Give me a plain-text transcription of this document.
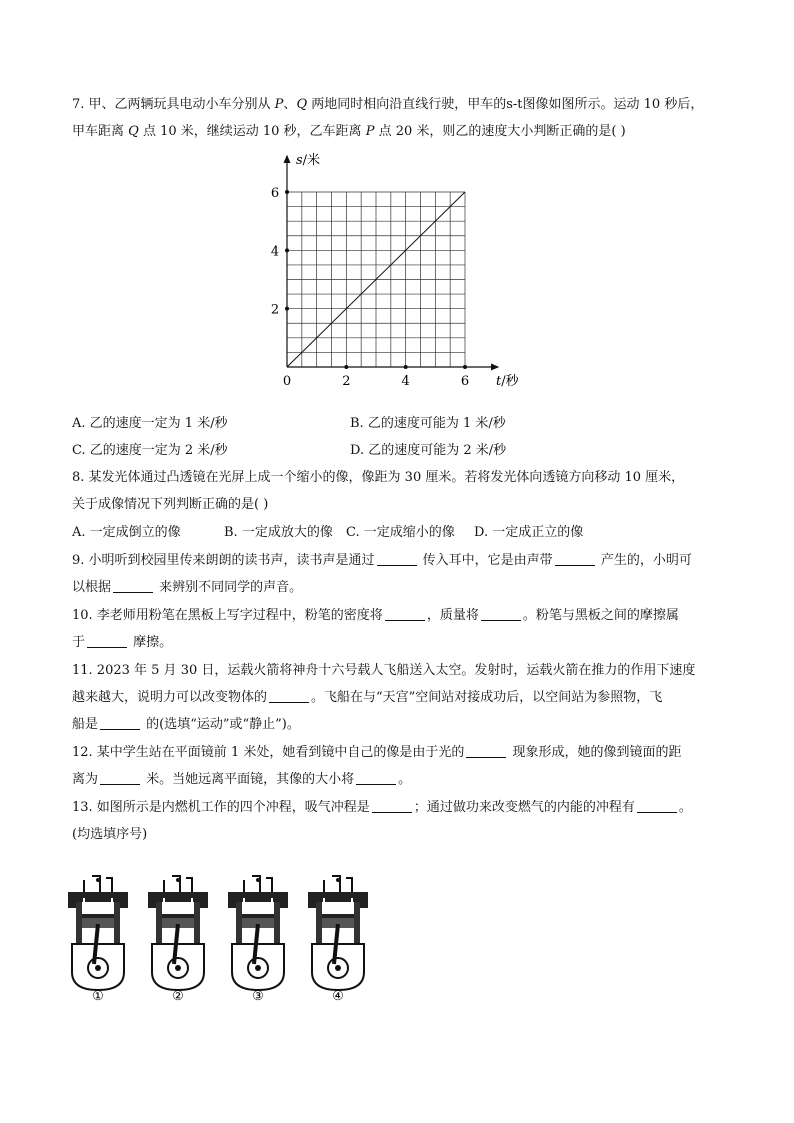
7. 甲、乙两辆玩具电动小车分别从 P、Q 两地同时相向沿直线行驶，甲车的s-t图像如图所示。运动 10 秒后，
甲车距离 Q 点 10 米，继续运动 10 秒，乙车距离 P 点 20 米，则乙的速度大小判断正确的是( )
2	4	6
2
4
6
0
s/米
t/秒
A. 乙的速度一定为 1 米/秒	B. 乙的速度可能为 1 米/秒
C. 乙的速度一定为 2 米/秒	D. 乙的速度可能为 2 米/秒
8. 某发光体通过凸透镜在光屏上成一个缩小的像，像距为 30 厘米。若将发光体向透镜方向移动 10 厘米，
关于成像情况下列判断正确的是( )
A. 一定成倒立的像	B. 一定成放大的像 C. 一定成缩小的像 D. 一定成正立的像
9. 小明听到校园里传来朗朗的读书声，读书声是通过	传入耳中，它是由声带	产生的，小明可
以根据	来辨别不同同学的声音。
10. 李老师用粉笔在黑板上写字过程中，粉笔的密度将	，质量将	。粉笔与黑板之间的摩擦属
于	摩擦。
11. 2023 年 5 月 30 日，运载火箭将神舟十六号载人飞船送入太空。发射时，运载火箭在推力的作用下速度
越来越大，说明力可以改变物体的	。飞船在与“天宫”空间站对接成功后，以空间站为参照物，飞
船是	的(选填“运动”或“静止”)。
12. 某中学生站在平面镜前 1 米处，她看到镜中自己的像是由于光的	现象形成，她的像到镜面的距
离为	米。当她远离平面镜，其像的大小将	。
13. 如图所示是内燃机工作的四个冲程，吸气冲程是	；通过做功来改变燃气的内能的冲程有	。
(均选填序号)
①	②	③	④
